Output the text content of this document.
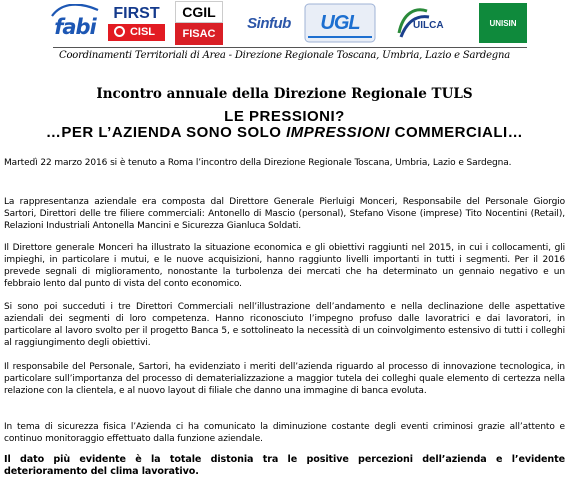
fabi
FIRST
CISL
CGIL
FISAC
Sinfub UGL	UILCA	UNISIN
Coordinamenti Territoriali di Area - Direzione Regionale Toscana, Umbria, Lazio e Sardegna
Incontro annuale della Direzione Regionale TULS
LE PRESSIONI?
…PER L’AZIENDA SONO SOLO IMPRESSIONI COMMERCIALI…
Martedì 22 marzo 2016 si è tenuto a Roma l’incontro della Direzione Regionale Toscana, Umbria, Lazio e Sardegna.
La rappresentanza aziendale era composta dal Direttore Generale Pierluigi Monceri, Responsabile del Personale Giorgio Sartori, Direttori delle tre filiere commerciali: Antonello di Mascio (personal), Stefano Visone (imprese) Tito Nocentini (Retail), Relazioni Industriali Antonella Mancini e Sicurezza Gianluca Soldati.
Il Direttore generale Monceri ha illustrato la situazione economica e gli obiettivi raggiunti nel 2015, in cui i collocamenti, gli impieghi, in particolare i mutui, e le nuove acquisizioni, hanno raggiunto livelli importanti in tutti i segmenti. Per il 2016 prevede segnali di miglioramento, nonostante la turbolenza dei mercati che ha determinato un gennaio negativo e un febbraio lento dal punto di vista del conto economico.
Si sono poi succeduti i tre Direttori Commerciali nell’illustrazione dell’andamento e nella declinazione delle aspettative aziendali dei segmenti di loro competenza. Hanno riconosciuto l’impegno profuso dalle lavoratrici e dai lavoratori, in particolare al lavoro svolto per il progetto Banca 5, e sottolineato la necessità di un coinvolgimento estensivo di tutti i colleghi al raggiungimento degli obiettivi.
Il responsabile del Personale, Sartori, ha evidenziato i meriti dell’azienda riguardo al processo di innovazione tecnologica, in particolare sull’importanza del processo di dematerializzazione a maggior tutela dei colleghi quale elemento di certezza nella relazione con la clientela, e al nuovo layout di filiale che danno una immagine di banca evoluta.
In tema di sicurezza fisica l’Azienda ci ha comunicato la diminuzione costante degli eventi criminosi grazie all’attento e continuo monitoraggio effettuato dalla funzione aziendale.
Il dato più evidente è la totale distonia tra le positive percezioni dell’azienda e l’evidente deterioramento del clima lavorativo.
